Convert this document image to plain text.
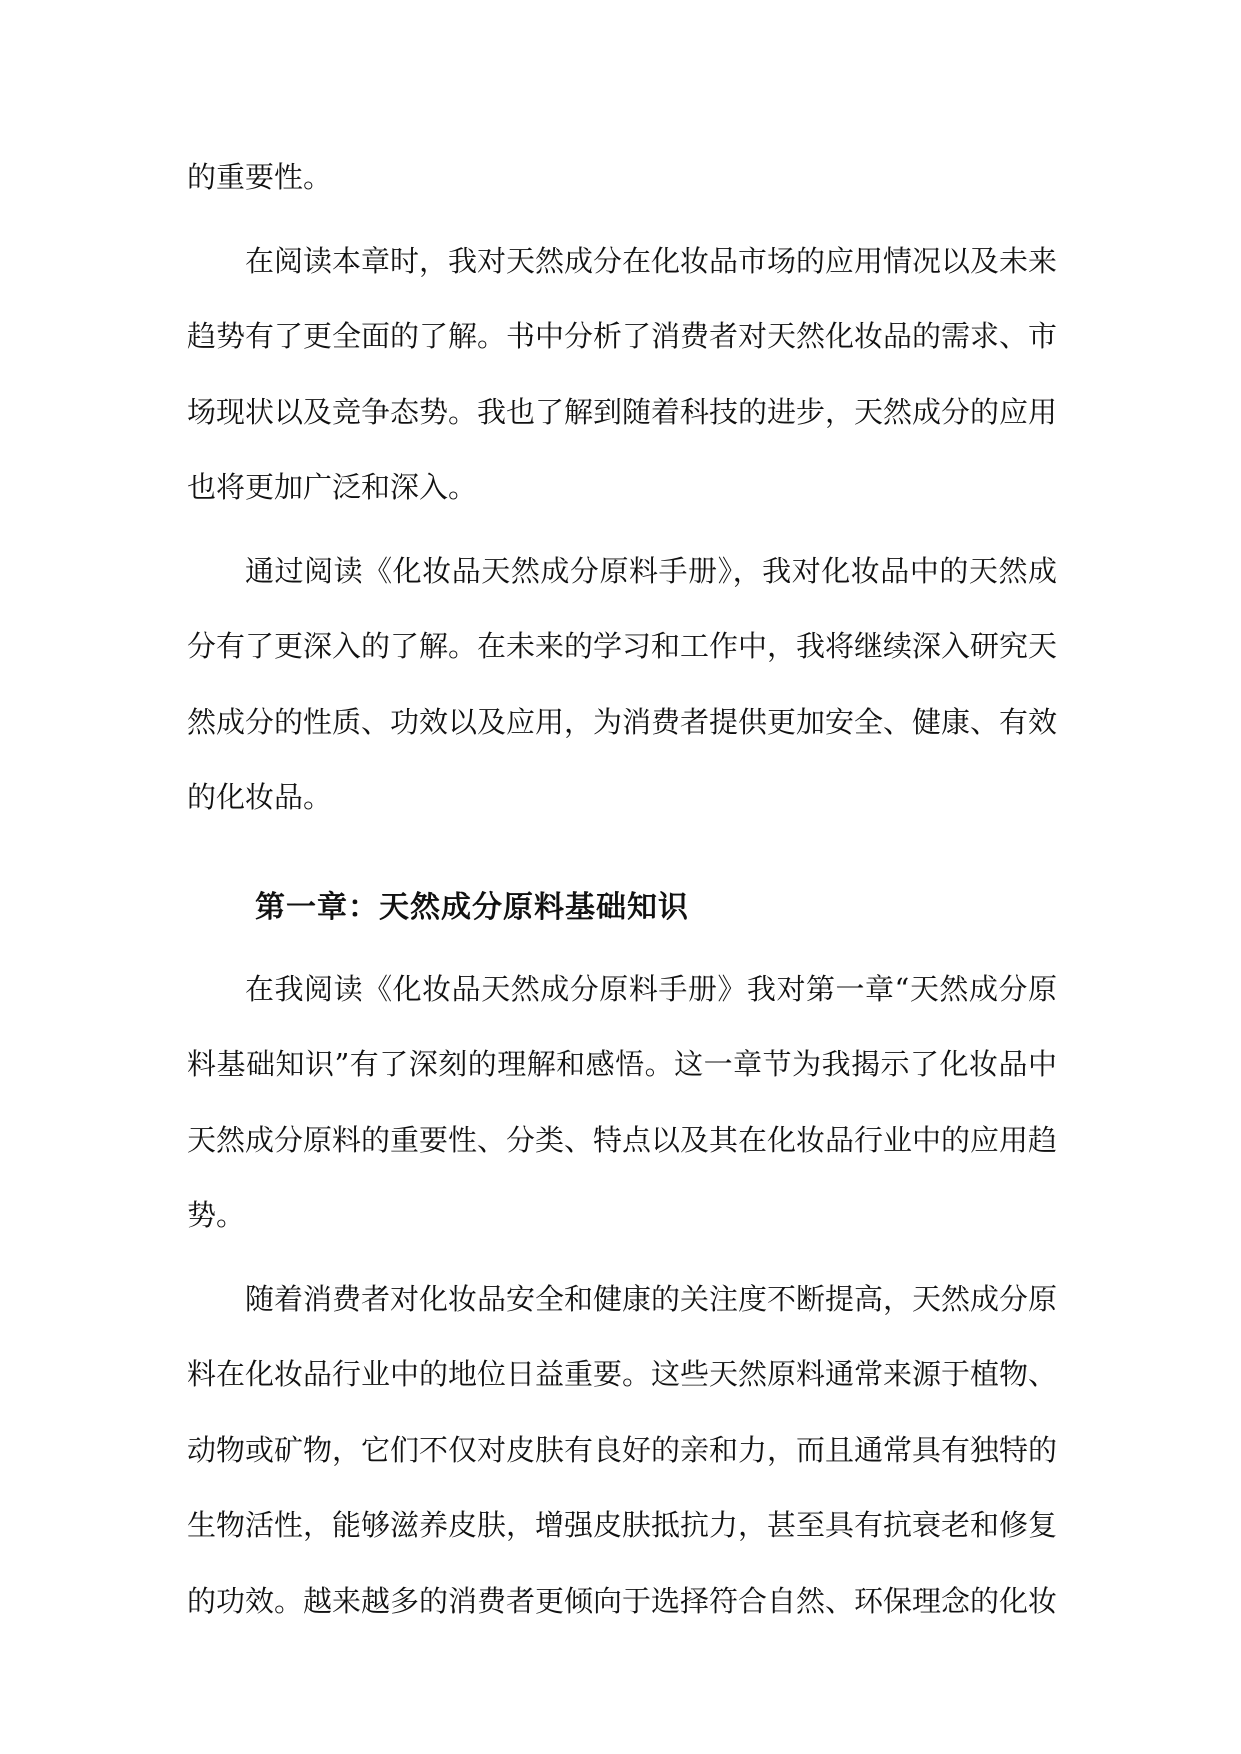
的重要性。

在阅读本章时，我对天然成分在化妆品市场的应用情况以及未来趋势有了更全面的了解。书中分析了消费者对天然化妆品的需求、市场现状以及竞争态势。我也了解到随着科技的进步，天然成分的应用也将更加广泛和深入。

通过阅读《化妆品天然成分原料手册》，我对化妆品中的天然成分有了更深入的了解。在未来的学习和工作中，我将继续深入研究天然成分的性质、功效以及应用，为消费者提供更加安全、健康、有效的化妆品。

第一章：天然成分原料基础知识

在我阅读《化妆品天然成分原料手册》我对第一章“天然成分原料基础知识”有了深刻的理解和感悟。这一章节为我揭示了化妆品中天然成分原料的重要性、分类、特点以及其在化妆品行业中的应用趋势。

随着消费者对化妆品安全和健康的关注度不断提高，天然成分原料在化妆品行业中的地位日益重要。这些天然原料通常来源于植物、动物或矿物，它们不仅对皮肤有良好的亲和力，而且通常具有独特的生物活性，能够滋养皮肤，增强皮肤抵抗力，甚至具有抗衰老和修复的功效。越来越多的消费者更倾向于选择符合自然、环保理念的化妆
